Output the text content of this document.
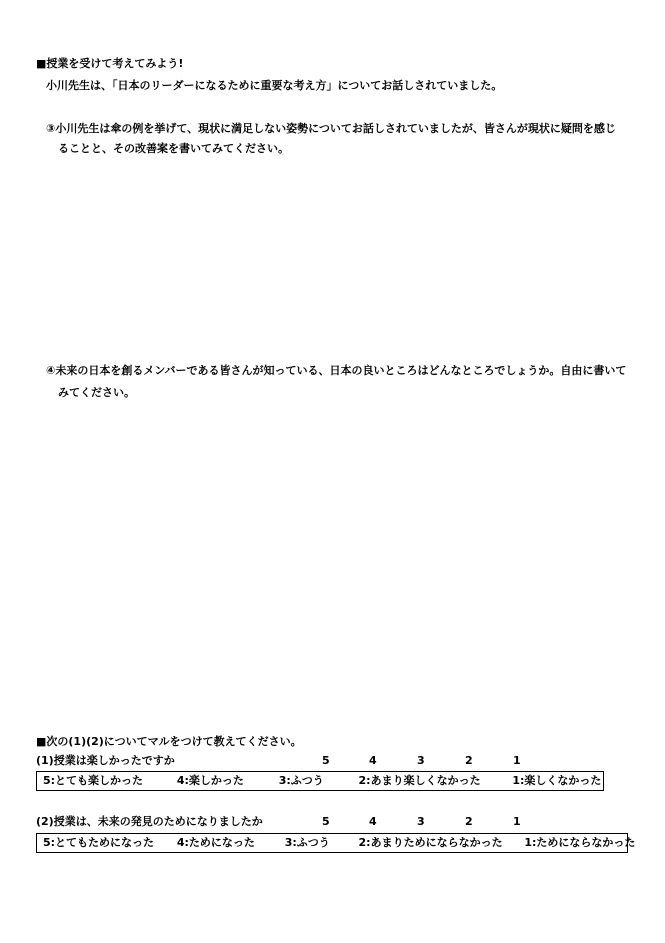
■授業を受けて考えてみよう!
小川先生は、「日本のリーダーになるために重要な考え方」についてお話しされていました。
③小川先生は傘の例を挙げて、現状に満足しない姿勢についてお話しされていましたが、皆さんが現状に疑問を感じ
ることと、その改善案を書いてみてください。
④未来の日本を創るメンバーである皆さんが知っている、日本の良いところはどんなところでしょうか。自由に書いて
みてください。
■次の(1)(2)についてマルをつけて教えてください。
(1)授業は楽しかったですか	5	4	3	2	1
5:とても楽しかった	4:楽しかった	3:ふつう	2:あまり楽しくなかった	1:楽しくなかった
(2)授業は、未来の発見のためになりましたか	5	4	3	2	1
5:とてもためになった 4:ためになった	3:ふつう	2:あまりためにならなかった 1:ためにならなかった
